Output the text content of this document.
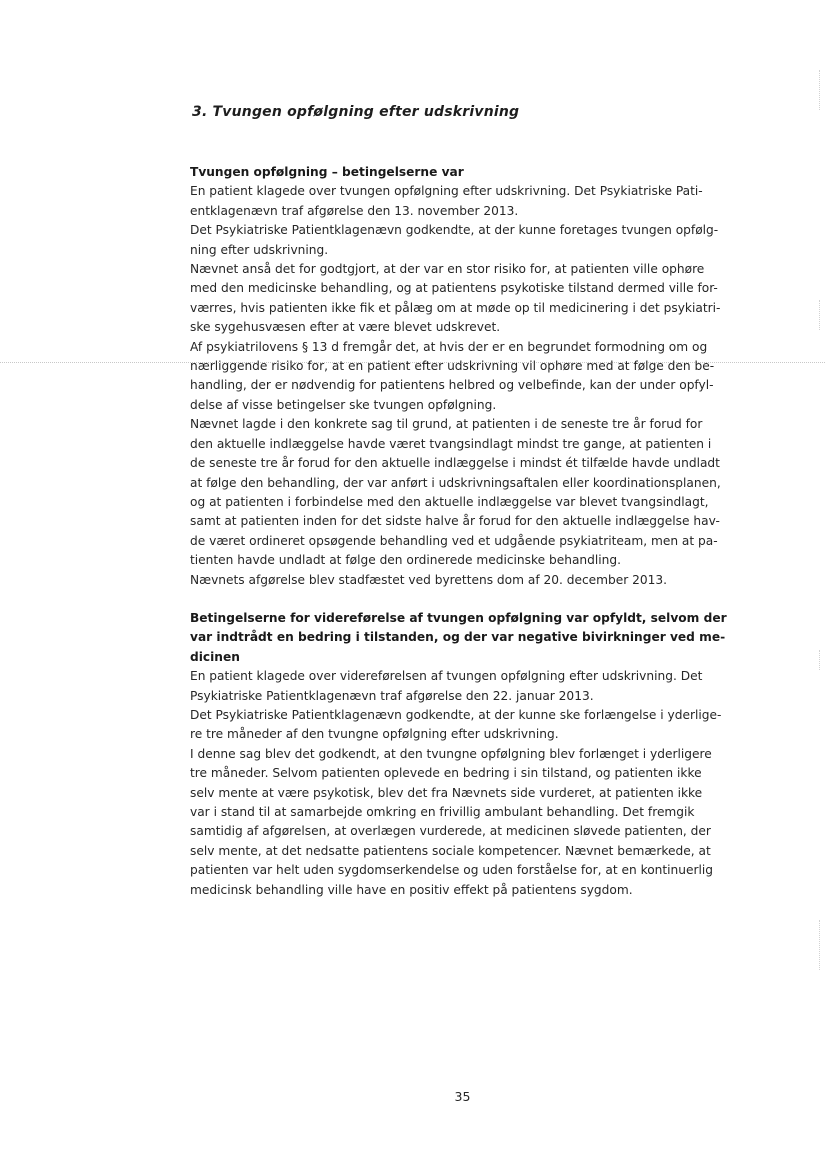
3. Tvungen opfølgning efter udskrivning
Tvungen opfølgning – betingelserne var
En patient klagede over tvungen opfølgning efter udskrivning. Det Psykiatriske Pati-
entklagenævn traf afgørelse den 13. november 2013.
Det Psykiatriske Patientklagenævn godkendte, at der kunne foretages tvungen opfølg-
ning efter udskrivning.
Nævnet anså det for godtgjort, at der var en stor risiko for, at patienten ville ophøre
med den medicinske behandling, og at patientens psykotiske tilstand dermed ville for-
værres, hvis patienten ikke fik et pålæg om at møde op til medicinering i det psykiatri-
ske sygehusvæsen efter at være blevet udskrevet.
Af psykiatrilovens § 13 d fremgår det, at hvis der er en begrundet formodning om og
nærliggende risiko for, at en patient efter udskrivning vil ophøre med at følge den be-
handling, der er nødvendig for patientens helbred og velbefinde, kan der under opfyl-
delse af visse betingelser ske tvungen opfølgning.
Nævnet lagde i den konkrete sag til grund, at patienten i de seneste tre år forud for
den aktuelle indlæggelse havde været tvangsindlagt mindst tre gange, at patienten i
de seneste tre år forud for den aktuelle indlæggelse i mindst ét tilfælde havde undladt
at følge den behandling, der var anført i udskrivningsaftalen eller koordinationsplanen,
og at patienten i forbindelse med den aktuelle indlæggelse var blevet tvangsindlagt,
samt at patienten inden for det sidste halve år forud for den aktuelle indlæggelse hav-
de været ordineret opsøgende behandling ved et udgående psykiatriteam, men at pa-
tienten havde undladt at følge den ordinerede medicinske behandling.
Nævnets afgørelse blev stadfæstet ved byrettens dom af 20. december 2013.
Betingelserne for videreførelse af tvungen opfølgning var opfyldt, selvom der
var indtrådt en bedring i tilstanden, og der var negative bivirkninger ved me-
dicinen
En patient klagede over videreførelsen af tvungen opfølgning efter udskrivning. Det
Psykiatriske Patientklagenævn traf afgørelse den 22. januar 2013.
Det Psykiatriske Patientklagenævn godkendte, at der kunne ske forlængelse i yderlige-
re tre måneder af den tvungne opfølgning efter udskrivning.
I denne sag blev det godkendt, at den tvungne opfølgning blev forlænget i yderligere
tre måneder. Selvom patienten oplevede en bedring i sin tilstand, og patienten ikke
selv mente at være psykotisk, blev det fra Nævnets side vurderet, at patienten ikke
var i stand til at samarbejde omkring en frivillig ambulant behandling. Det fremgik
samtidig af afgørelsen, at overlægen vurderede, at medicinen sløvede patienten, der
selv mente, at det nedsatte patientens sociale kompetencer. Nævnet bemærkede, at
patienten var helt uden sygdomserkendelse og uden forståelse for, at en kontinuerlig
medicinsk behandling ville have en positiv effekt på patientens sygdom.
35
